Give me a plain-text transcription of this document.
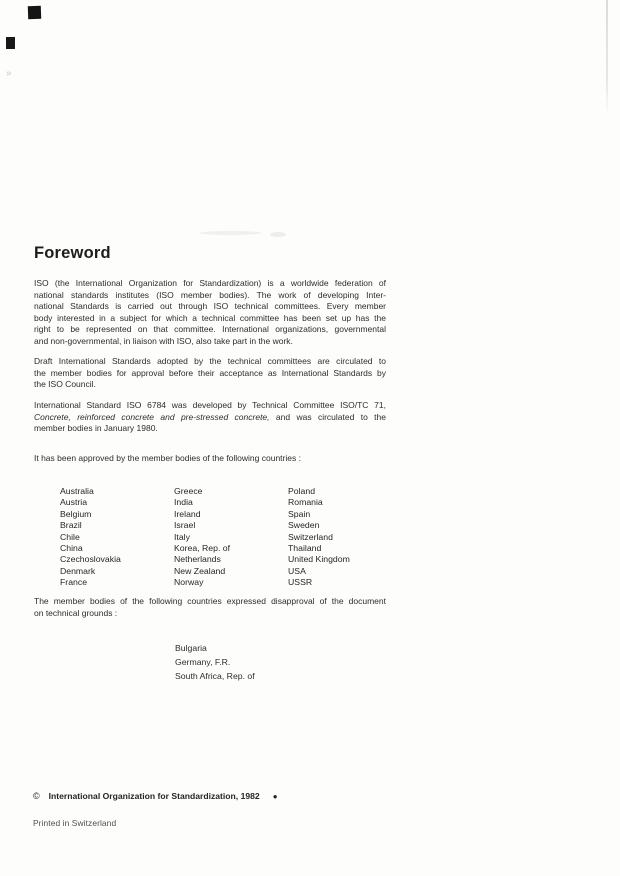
»
Foreword
ISO (the International Organization for Standardization) is a worldwide federation of
national standards institutes (ISO member bodies). The work of developing Inter-
national Standards is carried out through ISO technical committees. Every member
body interested in a subject for which a technical committee has been set up has the
right to be represented on that committee. International organizations, governmental
and non-governmental, in liaison with ISO, also take part in the work.
Draft International Standards adopted by the technical committees are circulated to
the member bodies for approval before their acceptance as International Standards by
the ISO Council.
International Standard ISO 6784 was developed by Technical Committee ISO/TC 71,
Concrete, reinforced concrete and pre-stressed concrete, and was circulated to the
member bodies in January 1980.
It has been approved by the member bodies of the following countries :
Australia
Austria
Belgium
Brazil
Chile
China
Czechoslovakia
Denmark
France
Greece
India
Ireland
Israel
Italy
Korea, Rep. of
Netherlands
New Zealand
Norway
Poland
Romania
Spain
Sweden
Switzerland
Thailand
United Kingdom
USA
USSR
The member bodies of the following countries expressed disapproval of the document
on technical grounds :
Bulgaria
Germany, F.R.
South Africa, Rep. of
© International Organization for Standardization, 1982 ●
Printed in Switzerland
